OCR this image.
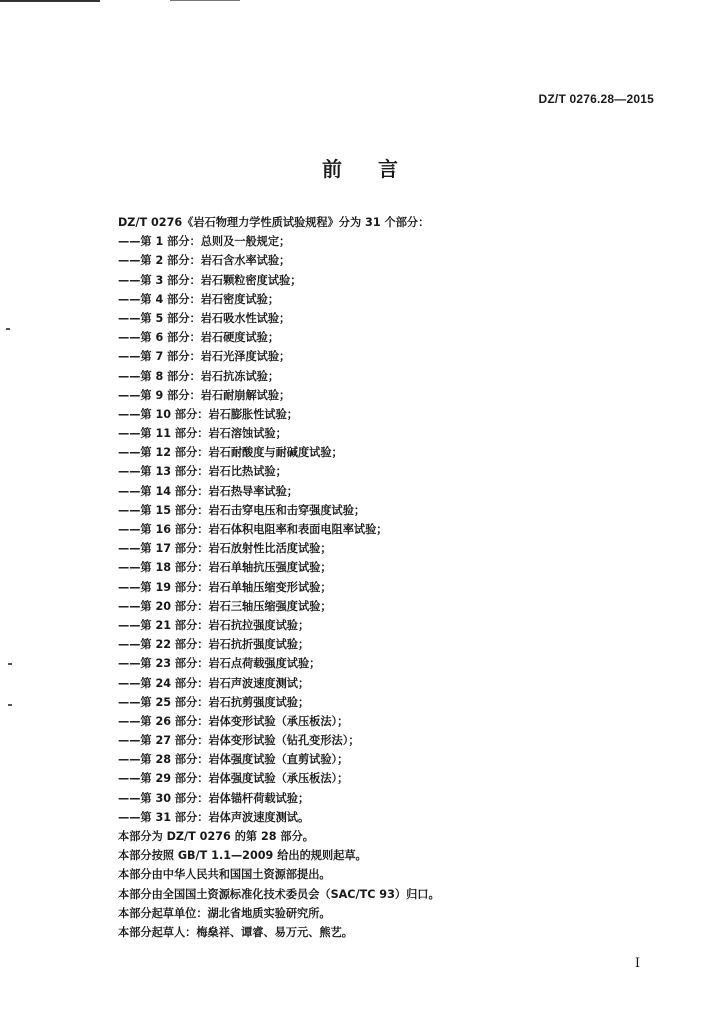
DZ/T 0276.28—2015
前言
DZ/T 0276《岩石物理力学性质试验规程》分为 31 个部分：
——第 1 部分：总则及一般规定；
——第 2 部分：岩石含水率试验；
——第 3 部分：岩石颗粒密度试验；
——第 4 部分：岩石密度试验；
——第 5 部分：岩石吸水性试验；
——第 6 部分：岩石硬度试验；
——第 7 部分：岩石光泽度试验；
——第 8 部分：岩石抗冻试验；
——第 9 部分：岩石耐崩解试验；
——第 10 部分：岩石膨胀性试验；
——第 11 部分：岩石溶蚀试验；
——第 12 部分：岩石耐酸度与耐碱度试验；
——第 13 部分：岩石比热试验；
——第 14 部分：岩石热导率试验；
——第 15 部分：岩石击穿电压和击穿强度试验；
——第 16 部分：岩石体积电阻率和表面电阻率试验；
——第 17 部分：岩石放射性比活度试验；
——第 18 部分：岩石单轴抗压强度试验；
——第 19 部分：岩石单轴压缩变形试验；
——第 20 部分：岩石三轴压缩强度试验；
——第 21 部分：岩石抗拉强度试验；
——第 22 部分：岩石抗折强度试验；
——第 23 部分：岩石点荷载强度试验；
——第 24 部分：岩石声波速度测试；
——第 25 部分：岩石抗剪强度试验；
——第 26 部分：岩体变形试验（承压板法）；
——第 27 部分：岩体变形试验（钻孔变形法）；
——第 28 部分：岩体强度试验（直剪试验）；
——第 29 部分：岩体强度试验（承压板法）；
——第 30 部分：岩体锚杆荷载试验；
——第 31 部分：岩体声波速度测试。
本部分为 DZ/T 0276 的第 28 部分。
本部分按照 GB/T 1.1—2009 给出的规则起草。
本部分由中华人民共和国国土资源部提出。
本部分由全国国土资源标准化技术委员会（SAC/TC 93）归口。
本部分起草单位：湖北省地质实验研究所。
本部分起草人：梅燊祥、谭睿、易万元、熊艺。
I
